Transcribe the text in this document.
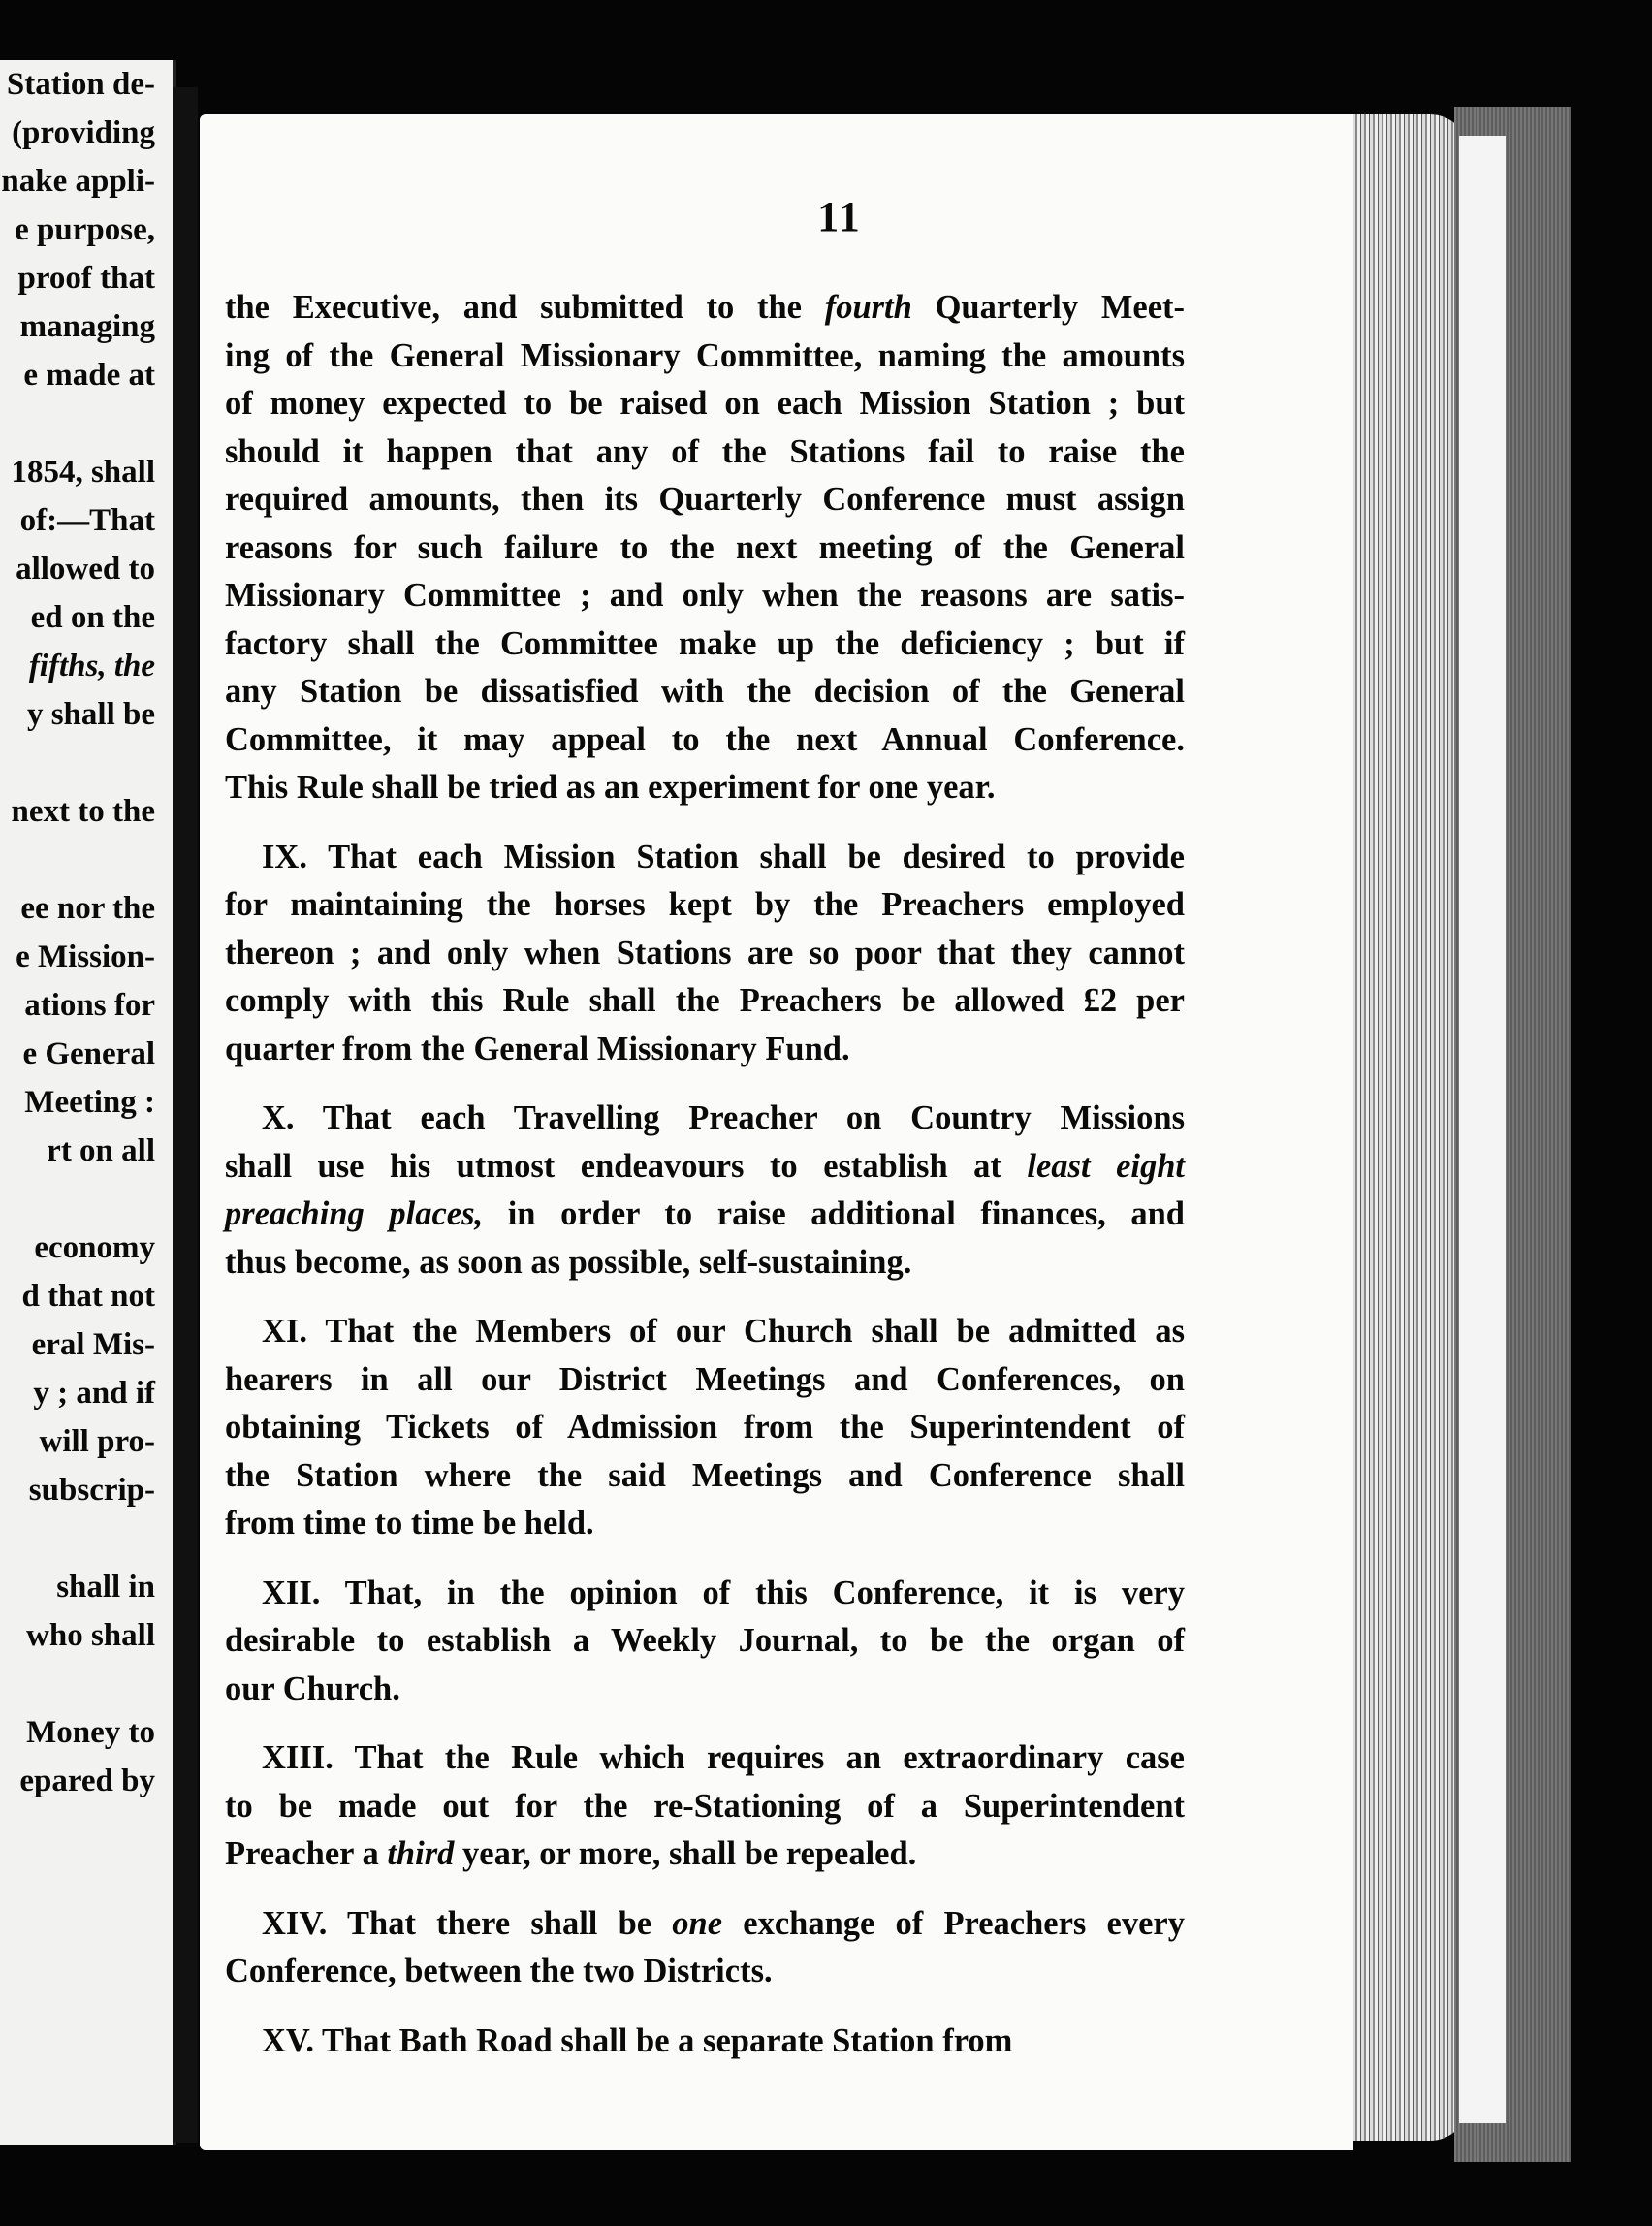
Station de-
(providing
nake appli-
e purpose,
proof that
managing
e made at

1854, shall
of:—That
allowed to
ed on the
fifths, the
y shall be

next to the

ee nor the
e Mission-
ations for
e General
Meeting :
rt on all

economy
d that not
eral Mis-
y ; and if
will pro-
subscrip-

shall in
who shall

Money to
epared by
11

the Executive, and submitted to the fourth Quarterly Meet-

ing of the General Missionary Committee, naming the amounts

of money expected to be raised on each Mission Station ; but

should it happen that any of the Stations fail to raise the

required amounts, then its Quarterly Conference must assign

reasons for such failure to the next meeting of the General

Missionary Committee ; and only when the reasons are satis-

factory shall the Committee make up the deficiency ; but if

any Station be dissatisfied with the decision of the General

Committee, it may appeal to the next Annual Conference.

This Rule shall be tried as an experiment for one year.

IX. That each Mission Station shall be desired to provide

for maintaining the horses kept by the Preachers employed

thereon ; and only when Stations are so poor that they cannot

comply with this Rule shall the Preachers be allowed £2 per

quarter from the General Missionary Fund.

X. That each Travelling Preacher on Country Missions

shall use his utmost endeavours to establish at least eight

preaching places, in order to raise additional finances, and

thus become, as soon as possible, self-sustaining.

XI. That the Members of our Church shall be admitted as

hearers in all our District Meetings and Conferences, on

obtaining Tickets of Admission from the Superintendent of

the Station where the said Meetings and Conference shall

from time to time be held.

XII. That, in the opinion of this Conference, it is very

desirable to establish a Weekly Journal, to be the organ of

our Church.

XIII. That the Rule which requires an extraordinary case

to be made out for the re-Stationing of a Superintendent

Preacher a third year, or more, shall be repealed.

XIV. That there shall be one exchange of Preachers every

Conference, between the two Districts.

XV. That Bath Road shall be a separate Station from
